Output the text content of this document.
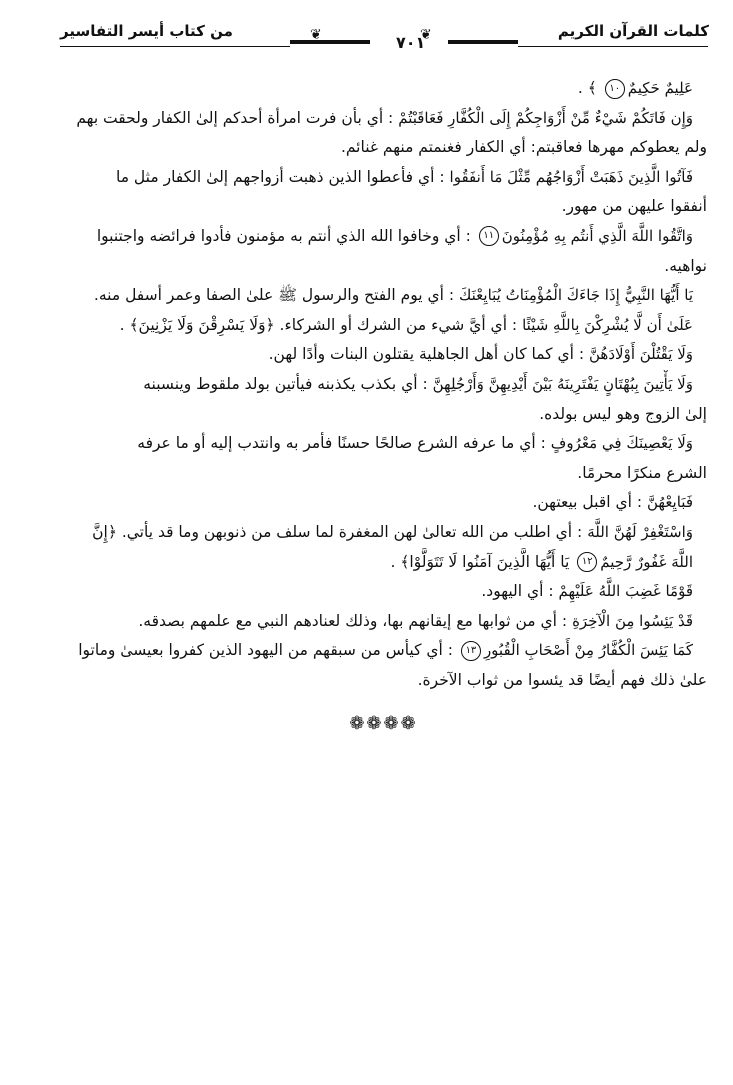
كلمات القرآن الكريم
من كتاب أيسر التفاسير	❦	٧٠١
❦
عَلِيمٌ حَكِيمٌ١٠ ﴾ .
وَإِن فَاتَكُمْ شَيْءٌ مِّنْ أَزْوَاجِكُمْ إِلَى الْكُفَّارِ فَعَاقَبْتُمْ : أي بأن فرت امرأة أحدكم إلىٰ الكفار ولحقت بهم
ولم يعطوكم مهرها فعاقبتم: أي الكفار فغنمتم منهم غنائم.
فَآتُوا الَّذِينَ ذَهَبَتْ أَزْوَاجُهُم مِّثْلَ مَا أَنفَقُوا : أي فأعطوا الذين ذهبت أزواجهم إلىٰ الكفار مثل ما
أنفقوا عليهن من مهور.
وَاتَّقُوا اللَّهَ الَّذِي أَنتُم بِهِ مُؤْمِنُونَ١١ : أي وخافوا الله الذي أنتم به مؤمنون فأدوا فرائضه واجتنبوا
نواهيه.
يَا أَيُّهَا النَّبِيُّ إِذَا جَاءَكَ الْمُؤْمِنَاتُ يُبَايِعْنَكَ : أي يوم الفتح والرسول ﷺ علىٰ الصفا وعمر أسفل منه.
عَلَىٰ أَن لَّا يُشْرِكْنَ بِاللَّهِ شَيْئًا : أي أيَّ شيء من الشرك أو الشركاء. ﴿وَلَا يَسْرِقْنَ وَلَا يَزْنِينَ﴾ .
وَلَا يَقْتُلْنَ أَوْلَادَهُنَّ : أي كما كان أهل الجاهلية يقتلون البنات وأدًا لهن.
وَلَا يَأْتِينَ بِبُهْتَانٍ يَفْتَرِينَهُ بَيْنَ أَيْدِيهِنَّ وَأَرْجُلِهِنَّ : أي بكذب يكذبنه فيأتين بولد ملقوط وينسبنه
إلىٰ الزوج وهو ليس بولده.
وَلَا يَعْصِينَكَ فِي مَعْرُوفٍ : أي ما عرفه الشرع صالحًا حسنًا فأمر به وانتدب إليه أو ما عرفه
الشرع منكرًا محرمًا.
فَبَايِعْهُنَّ : أي اقبل بيعتهن.
وَاسْتَغْفِرْ لَهُنَّ اللَّهَ : أي اطلب من الله تعالىٰ لهن المغفرة لما سلف من ذنوبهن وما قد يأتي. ﴿إِنَّ
اللَّهَ غَفُورٌ رَّحِيمٌ١٢ يَا أَيُّهَا الَّذِينَ آمَنُوا لَا تَتَوَلَّوْا﴾ .
قَوْمًا غَضِبَ اللَّهُ عَلَيْهِمْ : أي اليهود.
قَدْ يَئِسُوا مِنَ الْآخِرَةِ : أي من ثوابها مع إيقانهم بها، وذلك لعنادهم النبي مع علمهم بصدقه.
كَمَا يَئِسَ الْكُفَّارُ مِنْ أَصْحَابِ الْقُبُورِ١٣ : أي كيأس من سبقهم من اليهود الذين كفروا بعيسىٰ وماتوا
علىٰ ذلك فهم أيضًا قد يئسوا من ثواب الآخرة.
❁❁❁❁
